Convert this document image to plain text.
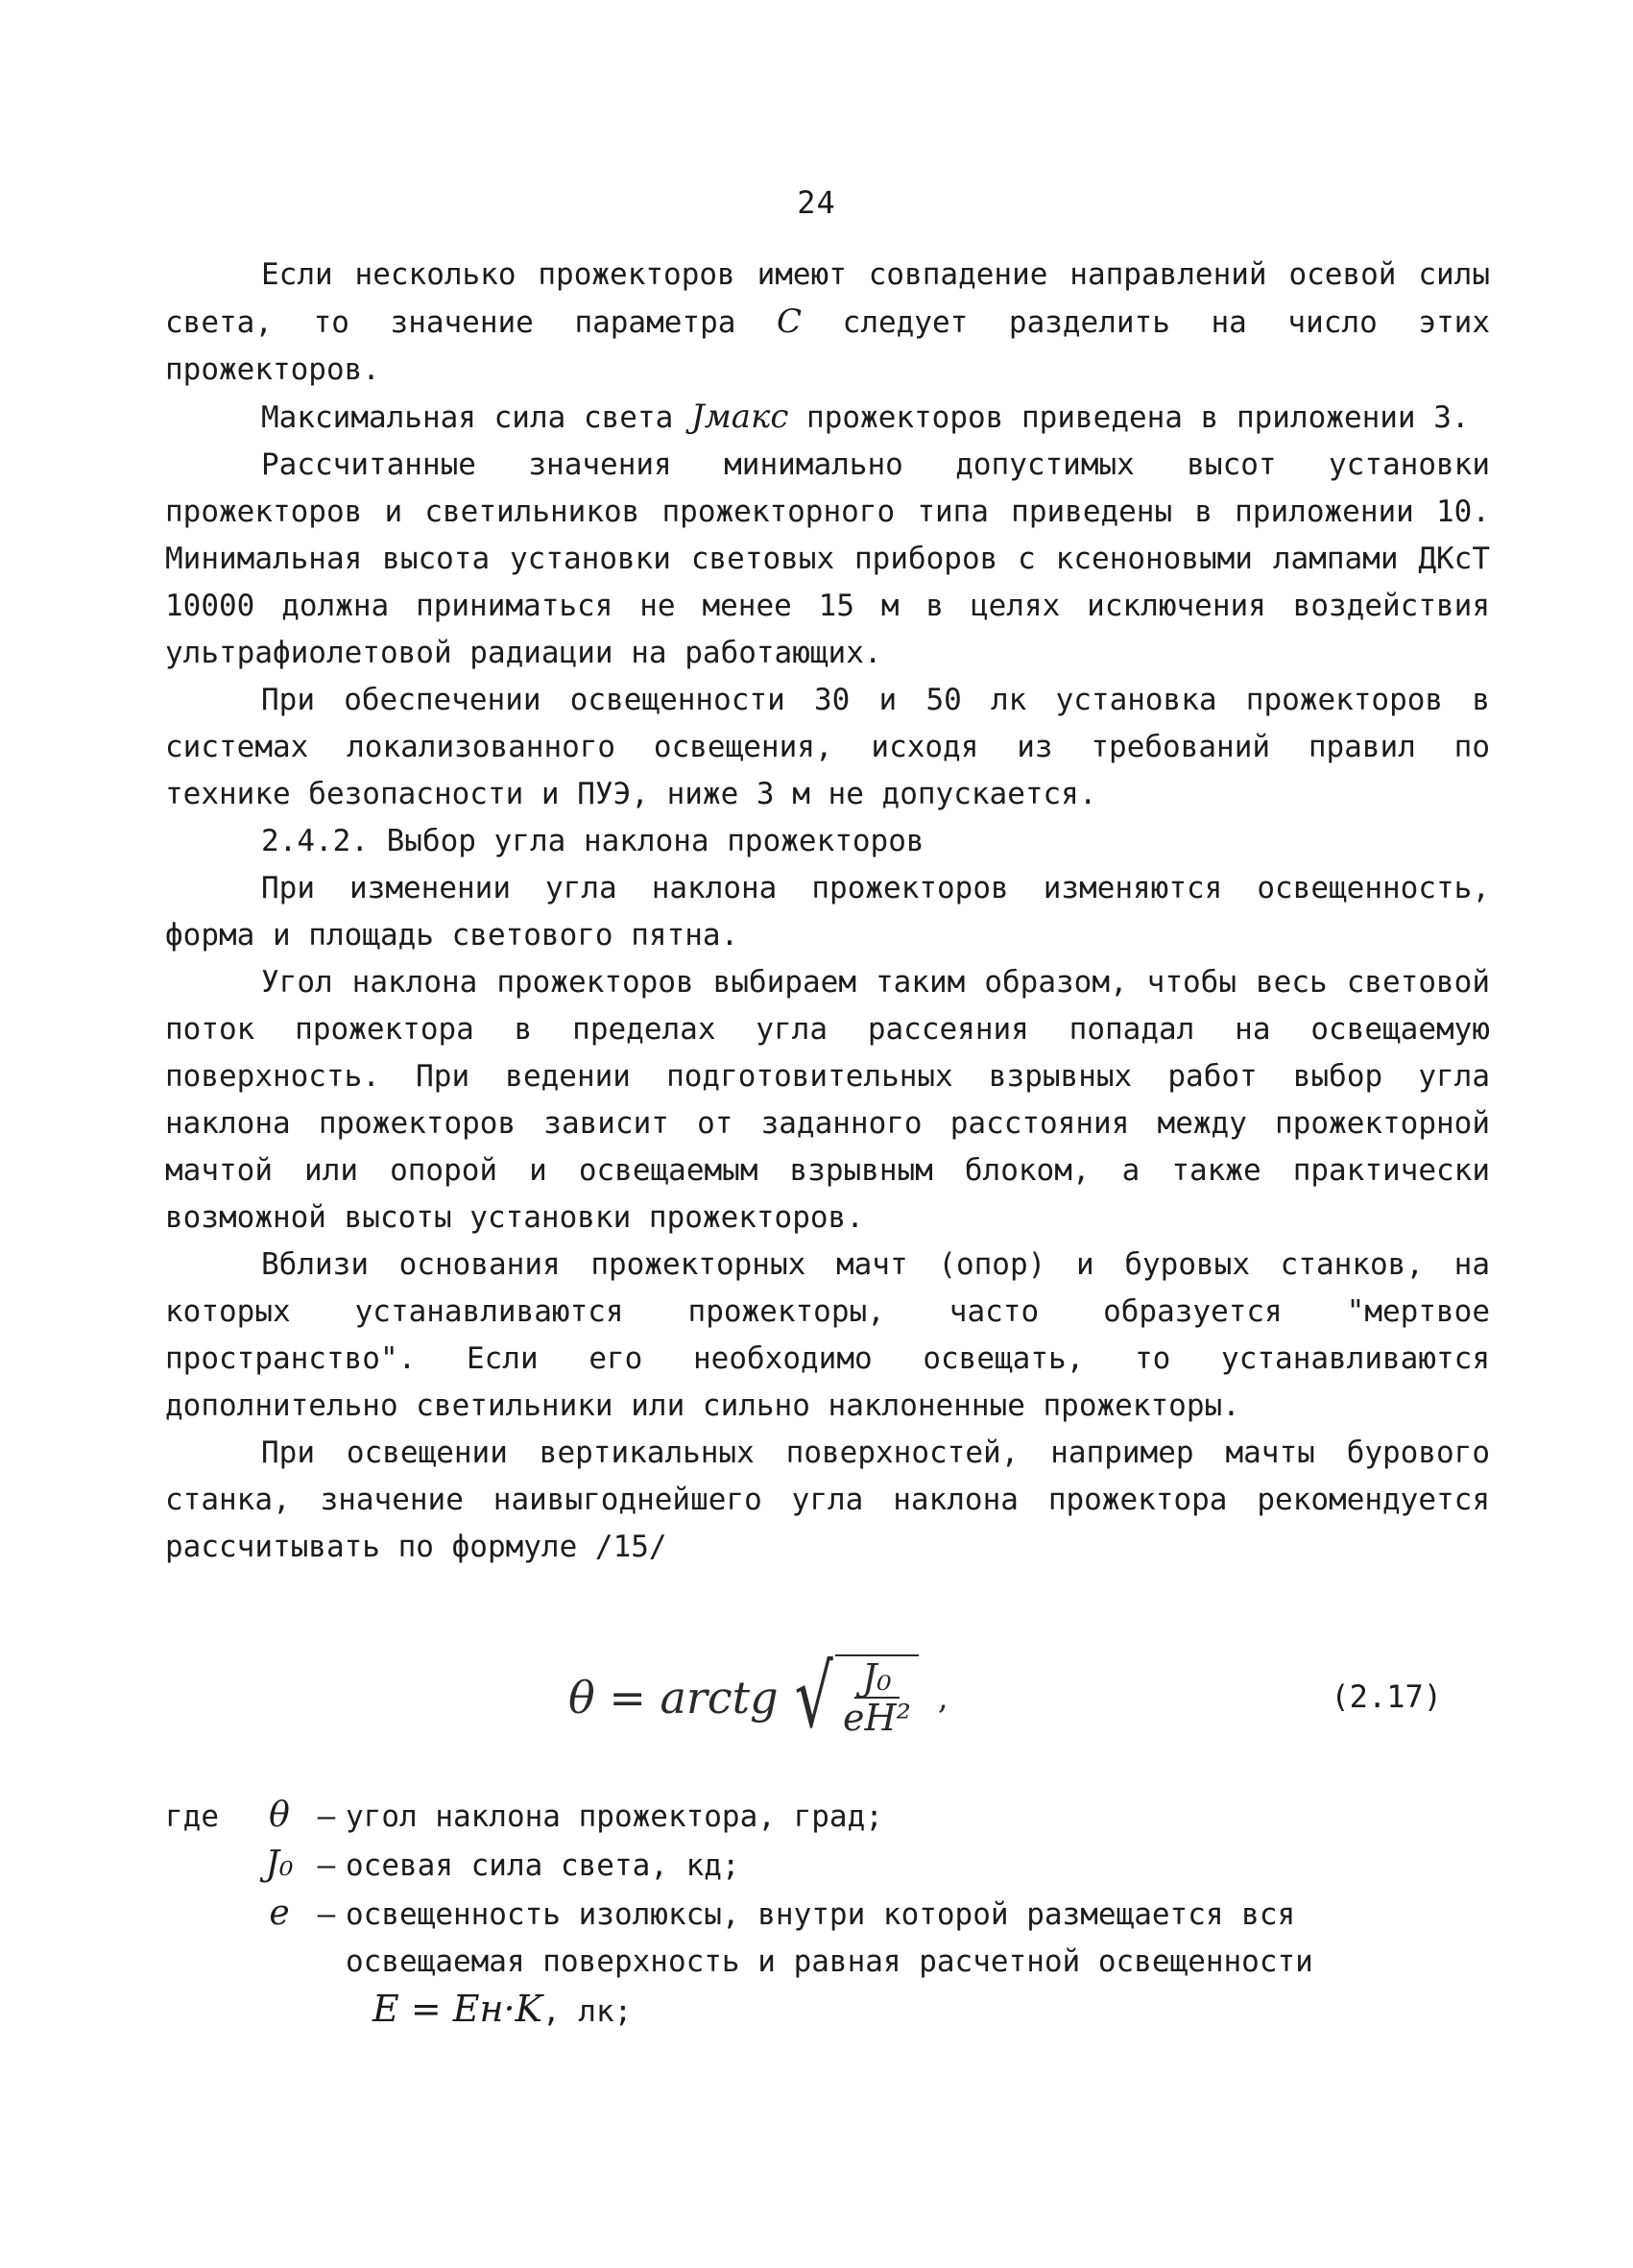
24

Если несколько прожекторов имеют совпадение направлений осевой силы света, то значение параметра C следует разделить на число этих прожекторов.

Максимальная сила света Jмакс прожекторов приведена в приложении 3.

Рассчитанные значения минимально допустимых высот установки прожекторов и светильников прожекторного типа приведены в приложении 10. Минимальная высота установки световых приборов с ксеноновыми лампами ДКсТ 10000 должна приниматься не менее 15 м в целях исключения воздействия ультрафиолетовой радиации на работающих.

При обеспечении освещенности 30 и 50 лк установка прожекторов в системах локализованного освещения, исходя из требований правил по технике безопасности и ПУЭ, ниже 3 м не допускается.

2.4.2. Выбор угла наклона прожекторов

При изменении угла наклона прожекторов изменяются освещенность, форма и площадь светового пятна.

Угол наклона прожекторов выбираем таким образом, чтобы весь световой поток прожектора в пределах угла рассеяния попадал на освещаемую поверхность. При ведении подготовительных взрывных работ выбор угла наклона прожекторов зависит от заданного расстояния между прожекторной мачтой или опорой и освещаемым взрывным блоком, а также практически возможной высоты установки прожекторов.

Вблизи основания прожекторных мачт (опор) и буровых станков, на которых устанавливаются прожекторы, часто образуется "мертвое пространство". Если его необходимо освещать, то устанавливаются дополнительно светильники или сильно наклоненные прожекторы.

При освещении вертикальных поверхностей, например мачты бурового станка, значение наивыгоднейшего угла наклона прожектора рекомендуется рассчитывать по формуле /15/

θ = arctg √ $\frac{\text{J₀}}{\text{eH²}}$ ,	(2.17)
где	θ – угол наклона прожектора, град;
J₀ – осевая сила света, кд;
e – освещенность изолюксы, внутри которой размещается вся
освещаемая поверхность и равная расчетной освещенности
E = Eн·K, лк;
